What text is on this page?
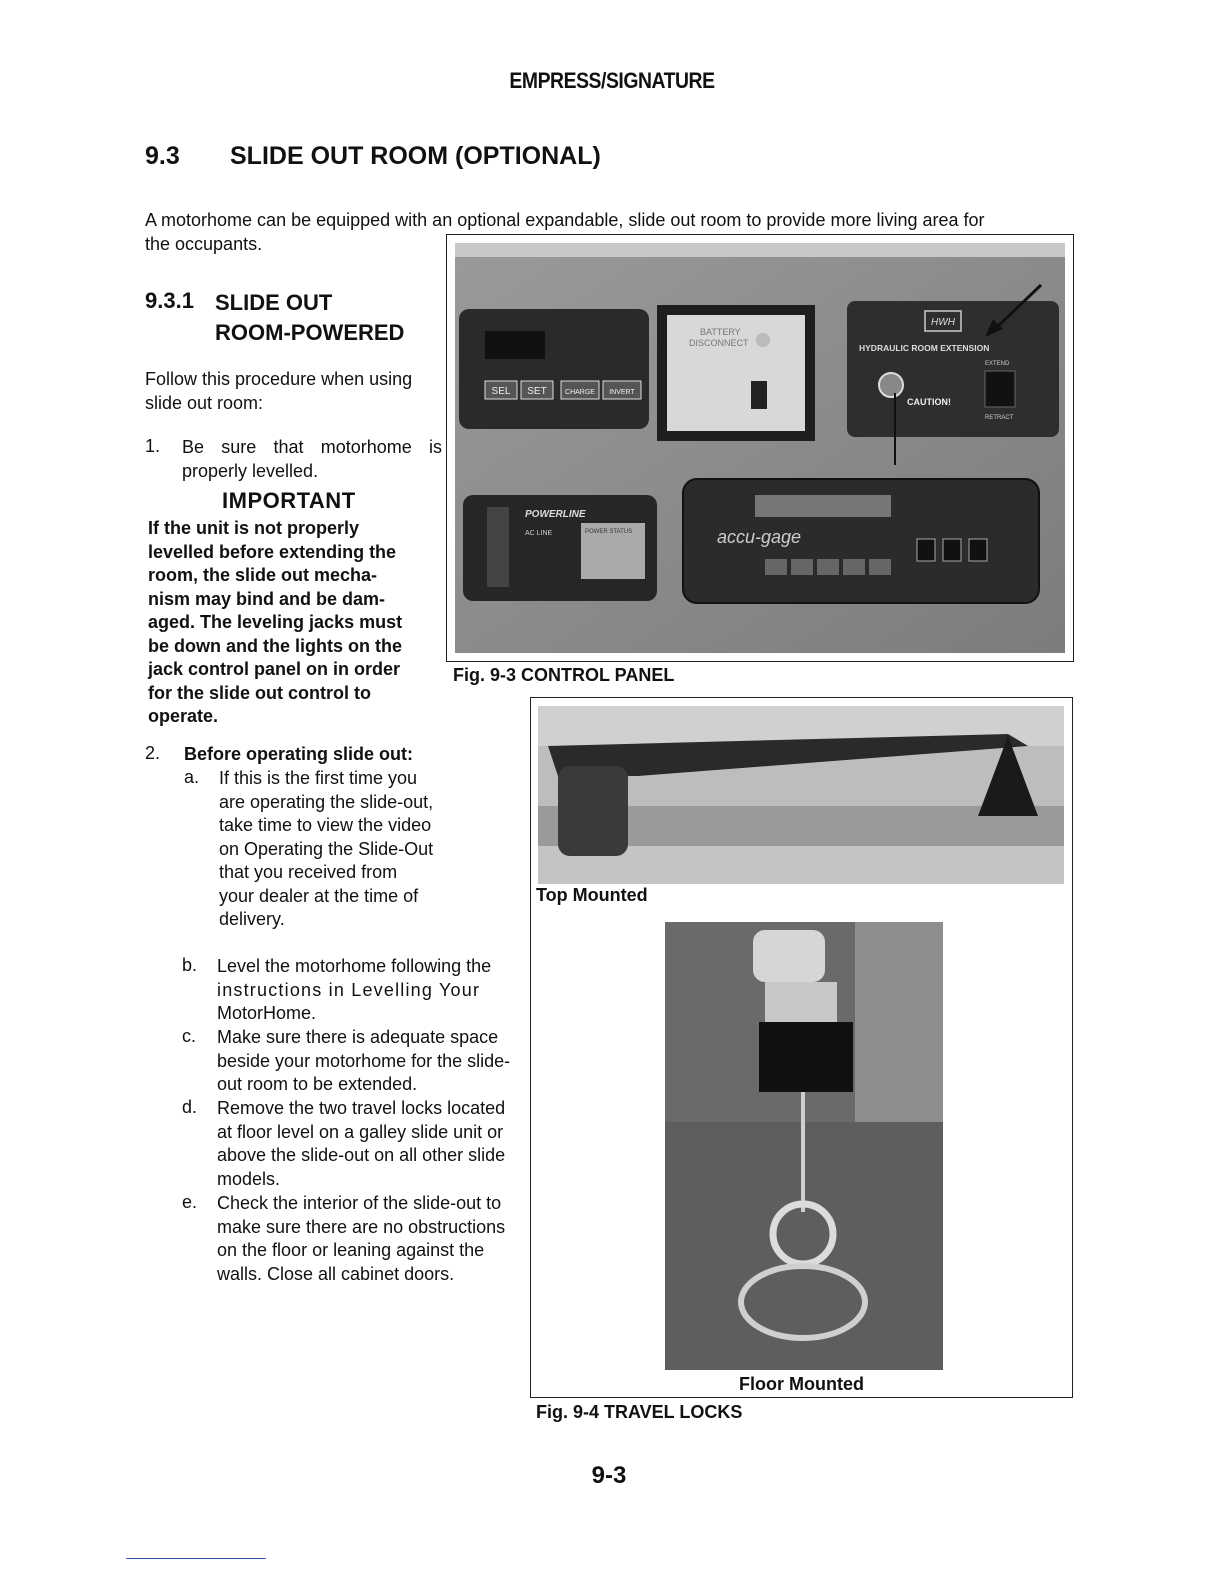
EMPRESS/SIGNATURE
9.3 SLIDE OUT ROOM (OPTIONAL)
A motorhome can be equipped with an optional expandable, slide out room to provide more living area for
the occupants.
9.3.1 SLIDE OUT
ROOM-POWERED
Follow this procedure when using
slide out room:
1. Be sure that motorhome is
properly levelled.
IMPORTANT
If the unit is not properly
levelled before extending the
room, the slide out mecha-
nism may bind and be dam-
aged. The leveling jacks must
be down and the lights on the
jack control panel on in order
for the slide out control to
operate.
2. Before operating slide out:
a. If this is the first time you
are operating the slide-out,
take time to view the video
on Operating the Slide-Out
that you received from
your dealer at the time of
delivery.
b. Level the motorhome following the
instructions in Levelling Your
MotorHome.
c. Make sure there is adequate space
beside your motorhome for the slide-
out room to be extended.
d. Remove the two travel locks located
at floor level on a galley slide unit or
above the slide-out on all other slide
models.
e. Check the interior of the slide-out to
make sure there are no obstructions
on the floor or leaning against the
walls. Close all cabinet doors.
SEL SET	CHARGE INVERT
BATTERY
DISCONNECT
HWH
HYDRAULIC ROOM EXTENSION
EXTEND
RETRACT
CAUTION!
POWERLINE
AC LINE	POWER STATUS	accu-gage
Fig. 9-3 CONTROL PANEL
Top Mounted
Floor Mounted
Fig. 9-4 TRAVEL LOCKS
9-3
